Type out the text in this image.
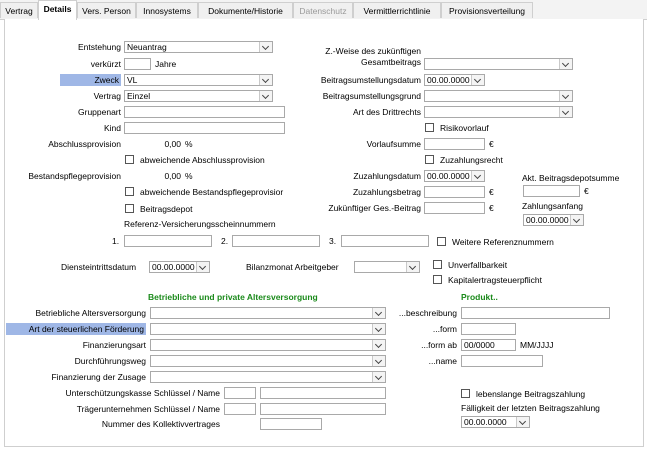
Vertrag	Details	Vers. Person	Innosystems	Dokumente/Historie	Datenschutz	Vermittlerrichtlinie	Provisionsverteilung
Entstehung Neuantrag
verkürzt	Jahre
Zweck VL
Vertrag Einzel
Gruppenart
Kind
Abschlussprovision	0,00 %
abweichende Abschlussprovision
Bestandspflegeprovision	0,00 %
abweichende Bestandspflegeprovisior
Beitragsdepot
Z.-Weise des zukünftigen
Gesamtbeitrags
Beitragsumstellungsdatum 00.00.0000
Beitragsumstellungsgrund
Art des Drittrechts
Risikovorlauf
Vorlaufsumme	€
Zuzahlungsrecht
Zuzahlungsdatum 00.00.0000
Zuzahlungsbetrag	€
Zukünftiger Ges.-Beitrag	€
Akt. Beitragsdepotsumme
€
Zahlungsanfang
00.00.0000
Referenz-Versicherungsscheinnummern
1.	2.	3.	Weitere Referenznummern
Diensteintrittsdatum	00.00.0000	Bilanzmonat Arbeitgeber	Unverfallbarkeit
Kapitalertragsteuerpflicht
Betriebliche und private Altersversorgung	Produkt..
Betriebliche Altersversorgung
Art der steuerlichen Förderung
Finanzierungsart
Durchführungsweg
Finanzierung der Zusage
Unterschützungskasse Schlüssel / Name
Trägerunternehmen Schlüssel / Name
Nummer des Kollektivvertrages
...beschreibung
...form
...form ab 00/0000	MM/JJJJ
...name
lebenslange Beitragszahlung
Fälligkeit der letzten Beitragszahlung
00.00.0000
